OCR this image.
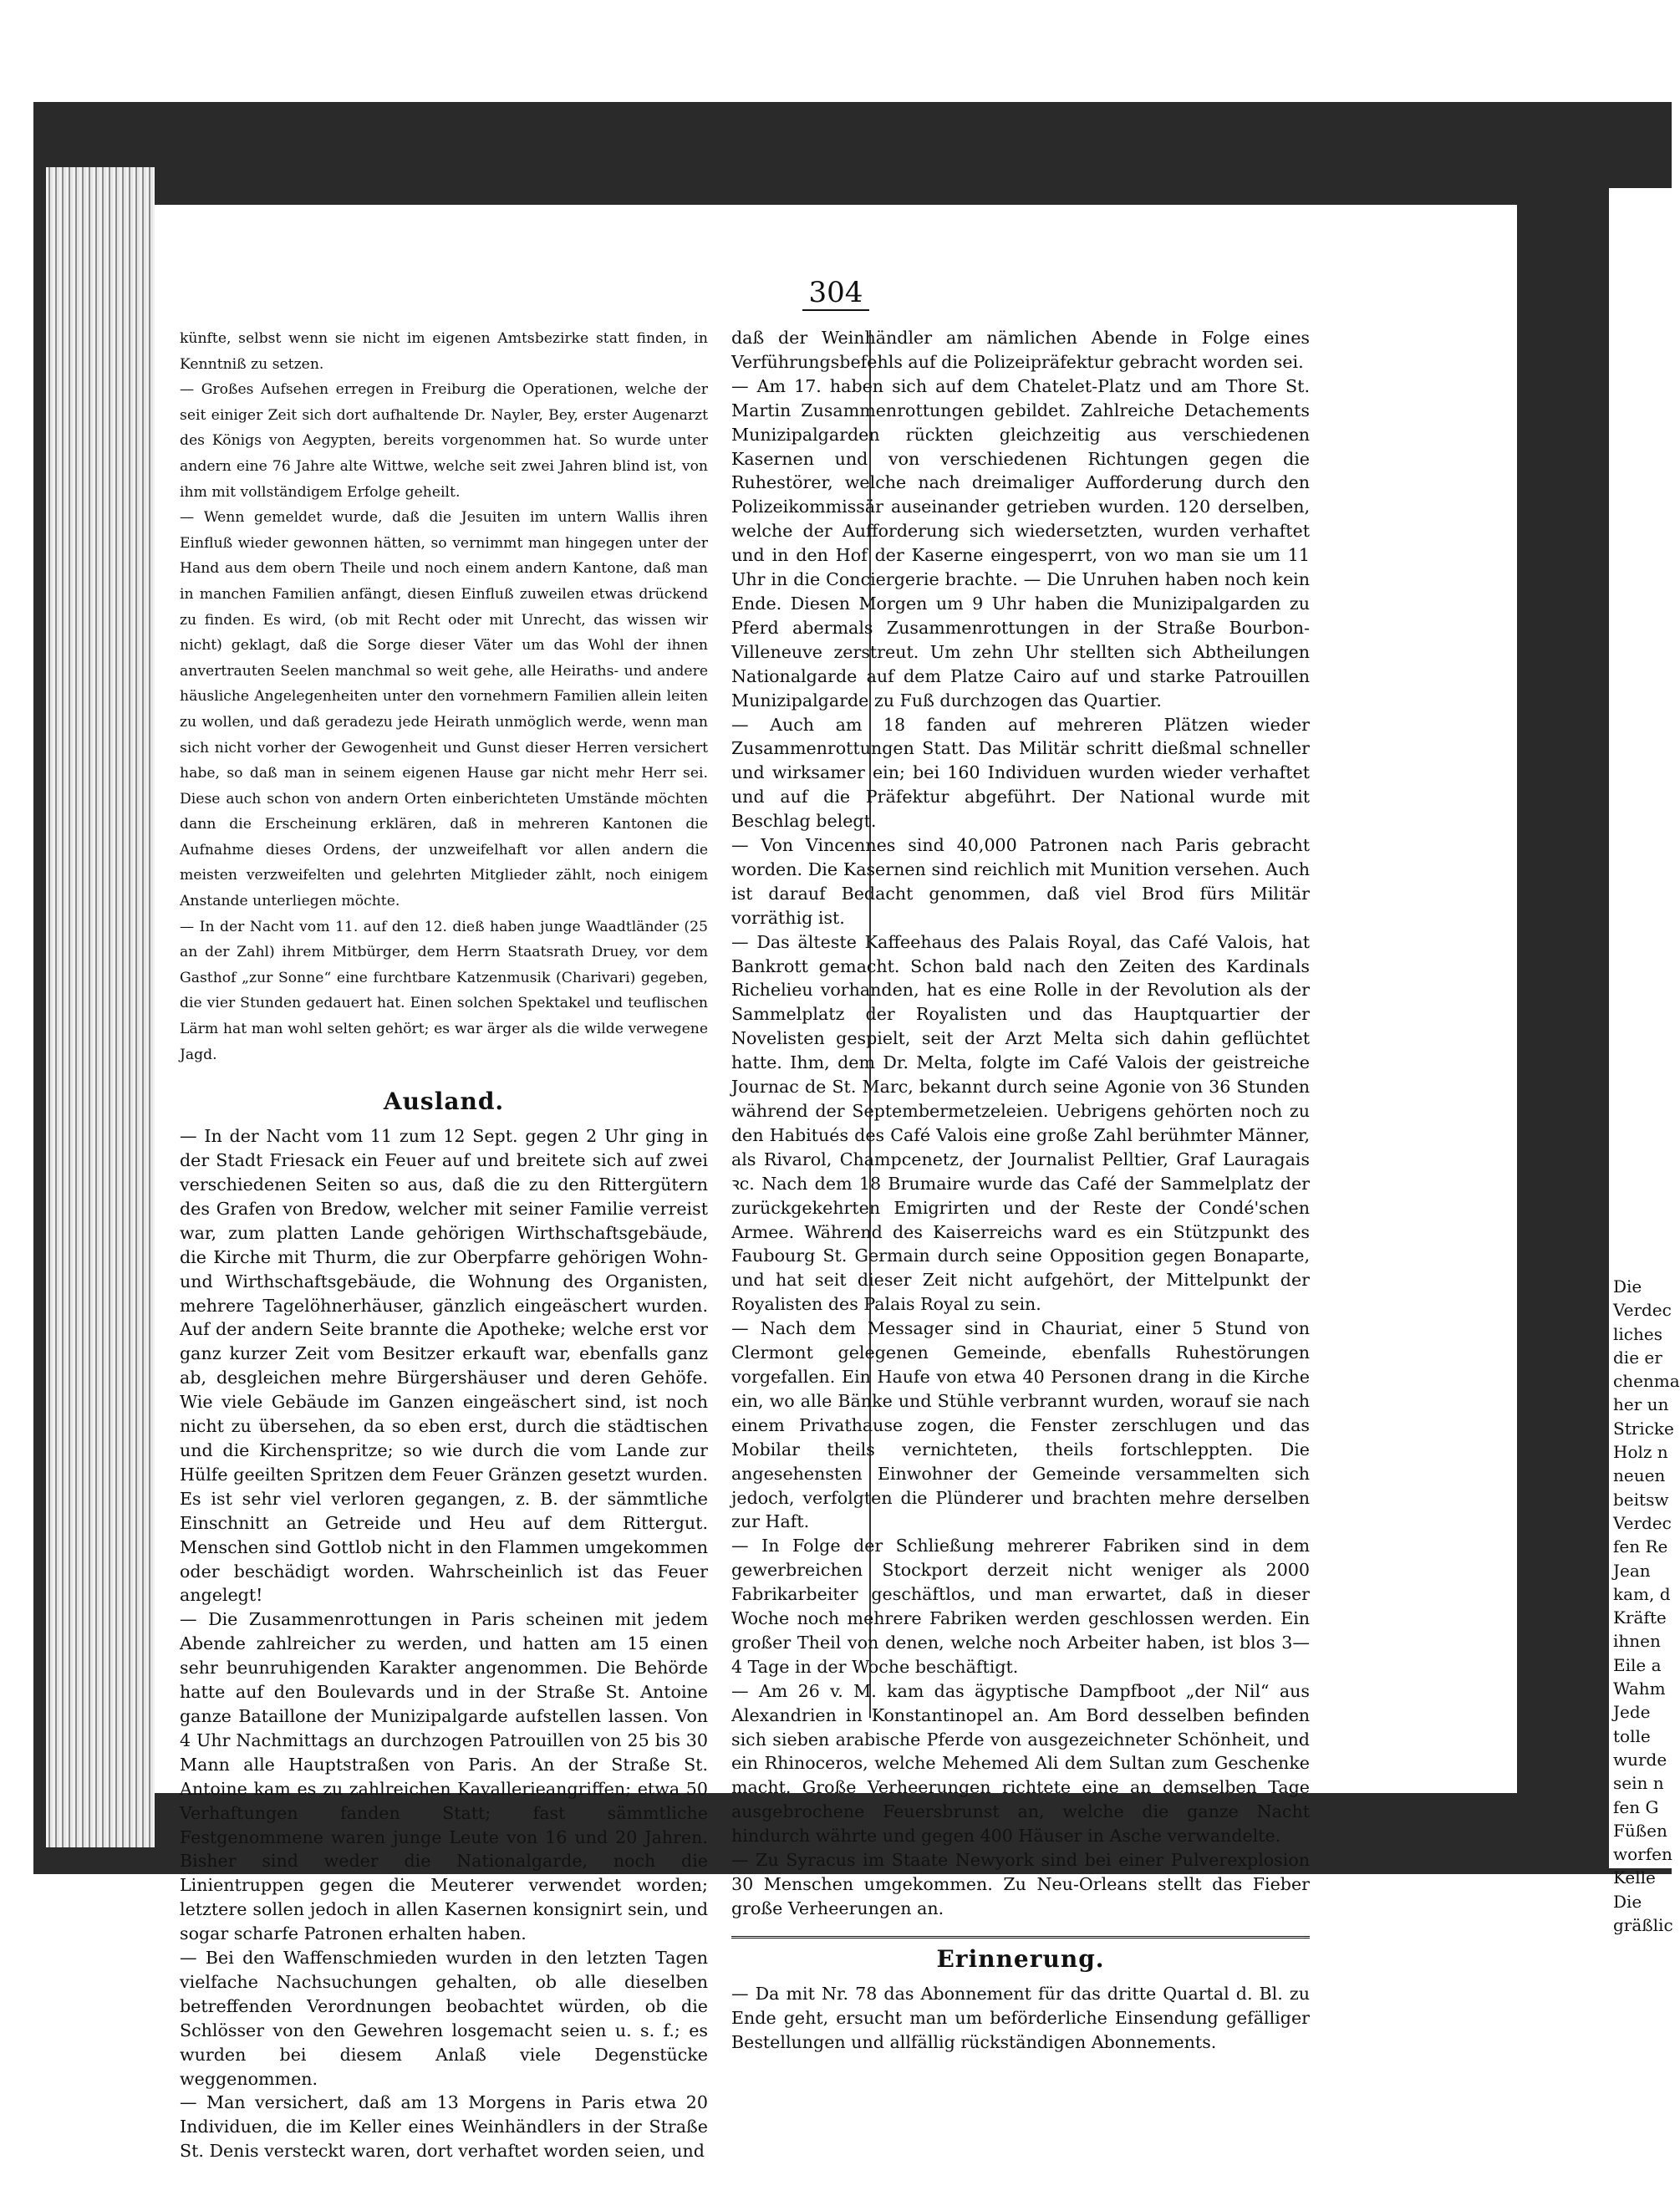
Die
Verdec
liches
die er
chenma
her un
Stricke
Holz n
neuen
beitsw
Verdec
fen Re
Jean
kam, d
Kräfte
ihnen
Eile a
Wahm
Jede
tolle
wurde
sein n
fen G
Füßen
worfen
Kelle
Die
gräßlic
304

künfte, selbst wenn sie nicht im eigenen Amtsbezirke statt finden, in Kenntniß zu setzen.

— Großes Aufsehen erregen in Freiburg die Operationen, welche der seit einiger Zeit sich dort aufhaltende Dr. Nayler, Bey, erster Augenarzt des Königs von Aegypten, bereits vorgenommen hat. So wurde unter andern eine 76 Jahre alte Wittwe, welche seit zwei Jahren blind ist, von ihm mit vollständigem Erfolge geheilt.

— Wenn gemeldet wurde, daß die Jesuiten im untern Wallis ihren Einfluß wieder gewonnen hätten, so vernimmt man hingegen unter der Hand aus dem obern Theile und noch einem andern Kantone, daß man in manchen Familien anfängt, diesen Einfluß zuweilen etwas drückend zu finden. Es wird, (ob mit Recht oder mit Unrecht, das wissen wir nicht) geklagt, daß die Sorge dieser Väter um das Wohl der ihnen anvertrauten Seelen manchmal so weit gehe, alle Heiraths- und andere häusliche Angelegenheiten unter den vornehmern Familien allein leiten zu wollen, und daß geradezu jede Heirath unmöglich werde, wenn man sich nicht vorher der Gewogenheit und Gunst dieser Herren versichert habe, so daß man in seinem eigenen Hause gar nicht mehr Herr sei. Diese auch schon von andern Orten einberichteten Umstände möchten dann die Erscheinung erklären, daß in mehreren Kantonen die Aufnahme dieses Ordens, der unzweifelhaft vor allen andern die meisten verzweifelten und gelehrten Mitglieder zählt, noch einigem Anstande unterliegen möchte.

— In der Nacht vom 11. auf den 12. dieß haben junge Waadtländer (25 an der Zahl) ihrem Mitbürger, dem Herrn Staatsrath Druey, vor dem Gasthof „zur Sonne“ eine furchtbare Katzenmusik (Charivari) gegeben, die vier Stunden gedauert hat. Einen solchen Spektakel und teuflischen Lärm hat man wohl selten gehört; es war ärger als die wilde verwegene Jagd.

Ausland.

— In der Nacht vom 11 zum 12 Sept. gegen 2 Uhr ging in der Stadt Friesack ein Feuer auf und breitete sich auf zwei verschiedenen Seiten so aus, daß die zu den Rittergütern des Grafen von Bredow, welcher mit seiner Familie verreist war, zum platten Lande gehörigen Wirthschaftsgebäude, die Kirche mit Thurm, die zur Oberpfarre gehörigen Wohn- und Wirthschaftsgebäude, die Wohnung des Organisten, mehrere Tagelöhnerhäuser, gänzlich eingeäschert wurden. Auf der andern Seite brannte die Apotheke; welche erst vor ganz kurzer Zeit vom Besitzer erkauft war, ebenfalls ganz ab, desgleichen mehre Bürgershäuser und deren Gehöfe. Wie viele Gebäude im Ganzen eingeäschert sind, ist noch nicht zu übersehen, da so eben erst, durch die städtischen und die Kirchenspritze; so wie durch die vom Lande zur Hülfe geeilten Spritzen dem Feuer Gränzen gesetzt wurden. Es ist sehr viel verloren gegangen, z. B. der sämmtliche Einschnitt an Getreide und Heu auf dem Rittergut. Menschen sind Gottlob nicht in den Flammen umgekommen oder beschädigt worden. Wahrscheinlich ist das Feuer angelegt!

— Die Zusammenrottungen in Paris scheinen mit jedem Abende zahlreicher zu werden, und hatten am 15 einen sehr beunruhigenden Karakter angenommen. Die Behörde hatte auf den Boulevards und in der Straße St. Antoine ganze Bataillone der Munizipalgarde aufstellen lassen. Von 4 Uhr Nachmittags an durchzogen Patrouillen von 25 bis 30 Mann alle Hauptstraßen von Paris. An der Straße St. Antoine kam es zu zahlreichen Kavallerieangriffen; etwa 50 Verhaftungen fanden Statt; fast sämmtliche Festgenommene waren junge Leute von 16 und 20 Jahren. Bisher sind weder die Nationalgarde, noch die Linientruppen gegen die Meuterer verwendet worden; letztere sollen jedoch in allen Kasernen konsignirt sein, und sogar scharfe Patronen erhalten haben.

— Bei den Waffenschmieden wurden in den letzten Tagen vielfache Nachsuchungen gehalten, ob alle dieselben betreffenden Verordnungen beobachtet würden, ob die Schlösser von den Gewehren losgemacht seien u. s. f.; es wurden bei diesem Anlaß viele Degenstücke weggenommen.

— Man versichert, daß am 13 Morgens in Paris etwa 20 Individuen, die im Keller eines Weinhändlers in der Straße St. Denis versteckt waren, dort verhaftet worden seien, und

daß der Weinhändler am nämlichen Abende in Folge eines Verführungsbefehls auf die Polizeipräfektur gebracht worden sei.

— Am 17. haben sich auf dem Chatelet-Platz und am Thore St. Martin Zusammenrottungen gebildet. Zahlreiche Detachements Munizipalgarden rückten gleichzeitig aus verschiedenen Kasernen und von verschiedenen Richtungen gegen die Ruhestörer, welche nach dreimaliger Aufforderung durch den Polizeikommissär auseinander getrieben wurden. 120 derselben, welche der Aufforderung sich wiedersetzten, wurden verhaftet und in den Hof der Kaserne eingesperrt, von wo man sie um 11 Uhr in die Conciergerie brachte. — Die Unruhen haben noch kein Ende. Diesen Morgen um 9 Uhr haben die Munizipalgarden zu Pferd abermals Zusammenrottungen in der Straße Bourbon-Villeneuve zerstreut. Um zehn Uhr stellten sich Abtheilungen Nationalgarde auf dem Platze Cairo auf und starke Patrouillen Munizipalgarde zu Fuß durchzogen das Quartier.

— Auch am 18 fanden auf mehreren Plätzen wieder Zusammenrottungen Statt. Das Militär schritt dießmal schneller und wirksamer ein; bei 160 Individuen wurden wieder verhaftet und auf die Präfektur abgeführt. Der National wurde mit Beschlag belegt.

— Von Vincennes sind 40,000 Patronen nach Paris gebracht worden. Die Kasernen sind reichlich mit Munition versehen. Auch ist darauf Bedacht genommen, daß viel Brod fürs Militär vorräthig ist.

— Das älteste Kaffeehaus des Palais Royal, das Café Valois, hat Bankrott gemacht. Schon bald nach den Zeiten des Kardinals Richelieu vorhanden, hat es eine Rolle in der Revolution als der Sammelplatz der Royalisten und das Hauptquartier der Novelisten gespielt, seit der Arzt Melta sich dahin geflüchtet hatte. Ihm, dem Dr. Melta, folgte im Café Valois der geistreiche Journac de St. Marc, bekannt durch seine Agonie von 36 Stunden während der Septembermetzeleien. Uebrigens gehörten noch zu den Habitués des Café Valois eine große Zahl berühmter Männer, als Rivarol, Champcenetz, der Journalist Pelltier, Graf Lauragais ꝛc. Nach dem 18 Brumaire wurde das Café der Sammelplatz der zurückgekehrten Emigrirten und der Reste der Condé'schen Armee. Während des Kaiserreichs ward es ein Stützpunkt des Faubourg St. Germain durch seine Opposition gegen Bonaparte, und hat seit dieser Zeit nicht aufgehört, der Mittelpunkt der Royalisten des Palais Royal zu sein.

— Nach dem Messager sind in Chauriat, einer 5 Stund von Clermont gelegenen Gemeinde, ebenfalls Ruhestörungen vorgefallen. Ein Haufe von etwa 40 Personen drang in die Kirche ein, wo alle Bänke und Stühle verbrannt wurden, worauf sie nach einem Privathause zogen, die Fenster zerschlugen und das Mobilar theils vernichteten, theils fortschleppten. Die angesehensten Einwohner der Gemeinde versammelten sich jedoch, verfolgten die Plünderer und brachten mehre derselben zur Haft.

— In Folge der Schließung mehrerer Fabriken sind in dem gewerbreichen Stockport derzeit nicht weniger als 2000 Fabrikarbeiter geschäftlos, und man erwartet, daß in dieser Woche noch mehrere Fabriken werden geschlossen werden. Ein großer Theil von denen, welche noch Arbeiter haben, ist blos 3—4 Tage in der Woche beschäftigt.

— Am 26 v. M. kam das ägyptische Dampfboot „der Nil“ aus Alexandrien in Konstantinopel an. Am Bord desselben befinden sich sieben arabische Pferde von ausgezeichneter Schönheit, und ein Rhinoceros, welche Mehemed Ali dem Sultan zum Geschenke macht. Große Verheerungen richtete eine an demselben Tage ausgebrochene Feuersbrunst an, welche die ganze Nacht hindurch währte und gegen 400 Häuser in Asche verwandelte.

— Zu Syracus im Staate Newyork sind bei einer Pulverexplosion 30 Menschen umgekommen. Zu Neu-Orleans stellt das Fieber große Verheerungen an.

Erinnerung.

— Da mit Nr. 78 das Abonnement für das dritte Quartal d. Bl. zu Ende geht, ersucht man um beförderliche Einsendung gefälliger Bestellungen und allfällig rückständigen Abonnements.
